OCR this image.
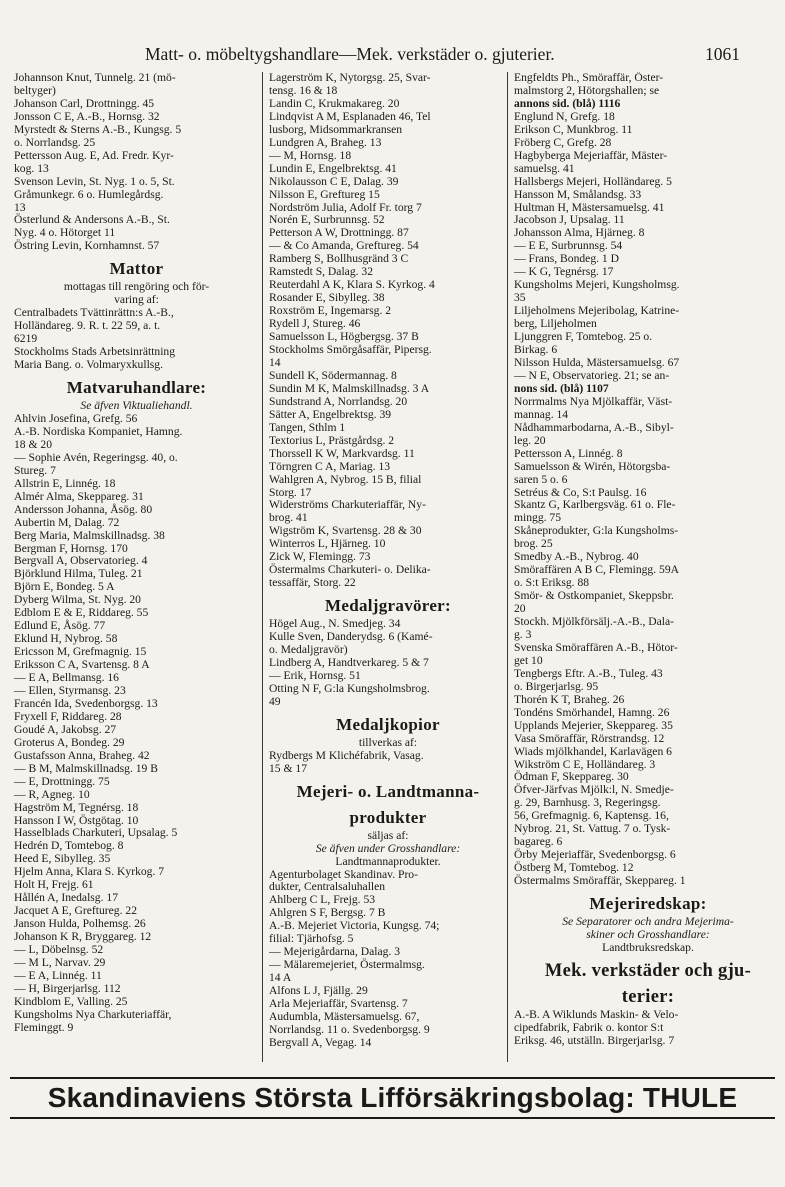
Matt- o. möbeltygshandlare—Mek. verkstäder o. gjuterier.	1061
Johannson Knut, Tunnelg. 21 (mö-
beltyger)
Johanson Carl, Drottningg. 45
Jonsson C E, A.-B., Hornsg. 32
Myrstedt & Sterns A.-B., Kungsg. 5
o. Norrlandsg. 25
Pettersson Aug. E, Ad. Fredr. Kyr-
kog. 13
Svenson Levin, St. Nyg. 1 o. 5, St.
Gråmunkegr. 6 o. Humlegårdsg.
13
Österlund & Andersons A.-B., St.
Nyg. 4 o. Hötorget 11
Östring Levin, Kornhamnst. 57
Mattor
mottagas till rengöring och för-
varing af:
Centralbadets Tvättinrättn:s A.-B.,
Holländareg. 9. R. t. 22 59, a. t.
6219
Stockholms Stads Arbetsinrättning
Maria Bang. o. Volmaryxkullsg.
Matvaruhandlare:
Se äfven Viktualiehandl.
Ahlvin Josefina, Grefg. 56
A.-B. Nordiska Kompaniet, Hamng.
18 & 20
— Sophie Avén, Regeringsg. 40, o.
Stureg. 7
Allstrin E, Linnég. 18
Almér Alma, Skeppareg. 31
Andersson Johanna, Åsög. 80
Aubertin M, Dalag. 72
Berg Maria, Malmskillnadsg. 38
Bergman F, Hornsg. 170
Bergvall A, Observatorieg. 4
Björklund Hilma, Tuleg. 21
Björn E, Bondeg. 5 A
Dyberg Wilma, St. Nyg. 20
Edblom E & E, Riddareg. 55
Edlund E, Åsög. 77
Eklund H, Nybrog. 58
Ericsson M, Grefmagnig. 15
Eriksson C A, Svartensg. 8 A
— E A, Bellmansg. 16
— Ellen, Styrmansg. 23
Francén Ida, Svedenborgsg. 13
Fryxell F, Riddareg. 28
Goudé A, Jakobsg. 27
Groterus A, Bondeg. 29
Gustafsson Anna, Braheg. 42
— B M, Malmskillnadsg. 19 B
— E, Drottningg. 75
— R, Agneg. 10
Hagström M, Tegnérsg. 18
Hansson I W, Östgötag. 10
Hasselblads Charkuteri, Upsalag. 5
Hedrén D, Tomtebog. 8
Heed E, Sibylleg. 35
Hjelm Anna, Klara S. Kyrkog. 7
Holt H, Frejg. 61
Hållén A, Inedalsg. 17
Jacquet A E, Greftureg. 22
Janson Hulda, Polhemsg. 26
Johanson K R, Bryggareg. 12
— L, Döbelnsg. 52
— M L, Narvav. 29
— E A, Linnég. 11
— H, Birgerjarlsg. 112
Kindblom E, Valling. 25
Kungsholms Nya Charkuteriaffär,
Fleminggt. 9
Lagerström K, Nytorgsg. 25, Svar-
tensg. 16 & 18
Landin C, Krukmakareg. 20
Lindqvist A M, Esplanaden 46, Tel
lusborg, Midsommarkransen
Lundgren A, Braheg. 13
— M, Hornsg. 18
Lundin E, Engelbrektsg. 41
Nikolausson C E, Dalag. 39
Nilsson E, Greftureg 15
Nordström Julia, Adolf Fr. torg 7
Norén E, Surbrunnsg. 52
Petterson A W, Drottningg. 87
— & Co Amanda, Greftureg. 54
Ramberg S, Bollhusgränd 3 C
Ramstedt S, Dalag. 32
Reuterdahl A K, Klara S. Kyrkog. 4
Rosander E, Sibylleg. 38
Roxström E, Ingemarsg. 2
Rydell J, Stureg. 46
Samuelsson L, Högbergsg. 37 B
Stockholms Smörgåsaffär, Pipersg.
14
Sundell K, Södermannag. 8
Sundin M K, Malmskillnadsg. 3 A
Sundstrand A, Norrlandsg. 20
Sätter A, Engelbrektsg. 39
Tangen, Sthlm 1
Textorius L, Prästgårdsg. 2
Thorssell K W, Markvardsg. 11
Törngren C A, Mariag. 13
Wahlgren A, Nybrog. 15 B, filial
Storg. 17
Widerströms Charkuteriaffär, Ny-
brog. 41
Wigström K, Svartensg. 28 & 30
Winterros L, Hjärneg. 10
Zick W, Flemingg. 73
Östermalms Charkuteri- o. Delika-
tessaffär, Storg. 22
Medaljgravörer:
Högel Aug., N. Smedjeg. 34
Kulle Sven, Danderydsg. 6 (Kamé-
o. Medaljgravör)
Lindberg A, Handtverkareg. 5 & 7
— Erik, Hornsg. 51
Otting N F, G:la Kungsholmsbrog.
49
Medaljkopior
tillverkas af:
Rydbergs M Klichéfabrik, Vasag.
15 & 17
Mejeri- o. Landtmanna-
produkter
säljas af:
Se äfven under Grosshandlare:
Landtmannaprodukter.
Agenturbolaget Skandinav. Pro-
dukter, Centralsaluhallen
Ahlberg C L, Frejg. 53
Ahlgren S F, Bergsg. 7 B
A.-B. Mejeriet Victoria, Kungsg. 74;
filial: Tjärhofsg. 5
— Mejerigårdarna, Dalag. 3
— Mälaremejeriet, Östermalmsg.
14 A
Alfons L J, Fjällg. 29
Arla Mejeriaffär, Svartensg. 7
Audumbla, Mästersamuelsg. 67,
Norrlandsg. 11 o. Svedenborgsg. 9
Bergvall A, Vegag. 14
Engfeldts Ph., Smöraffär, Öster-
malmstorg 2, Hötorgshallen; se
annons sid. (blå) 1116
Englund N, Grefg. 18
Erikson C, Munkbrog. 11
Fröberg C, Grefg. 28
Hagbyberga Mejeriaffär, Mäster-
samuelsg. 41
Hallsbergs Mejeri, Holländareg. 5
Hansson M, Smålandsg. 33
Hultman H, Mästersamuelsg. 41
Jacobson J, Upsalag. 11
Johansson Alma, Hjärneg. 8
— E E, Surbrunnsg. 54
— Frans, Bondeg. 1 D
— K G, Tegnérsg. 17
Kungsholms Mejeri, Kungsholmsg.
35
Liljeholmens Mejeribolag, Katrine-
berg, Liljeholmen
Ljunggren F, Tomtebog. 25 o.
Birkag. 6
Nilsson Hulda, Mästersamuelsg. 67
— N E, Observatorieg. 21; se an-
nons sid. (blå) 1107
Norrmalms Nya Mjölkaffär, Väst-
mannag. 14
Nådhammarbodarna, A.-B., Sibyl-
leg. 20
Pettersson A, Linnég. 8
Samuelsson & Wirén, Hötorgsba-
saren 5 o. 6
Setréus & Co, S:t Paulsg. 16
Skantz G, Karlbergsväg. 61 o. Fle-
mingg. 75
Skåneprodukter, G:la Kungsholms-
brog. 25
Smedby A.-B., Nybrog. 40
Smöraffären A B C, Flemingg. 59A
o. S:t Eriksg. 88
Smör- & Ostkompaniet, Skeppsbr.
20
Stockh. Mjölkförsälj.-A.-B., Dala-
g. 3
Svenska Smöraffären A.-B., Hötor-
get 10
Tengbergs Eftr. A.-B., Tuleg. 43
o. Birgerjarlsg. 95
Thorén K T, Braheg. 26
Tondéns Smörhandel, Hamng. 26
Upplands Mejerier, Skeppareg. 35
Vasa Smöraffär, Rörstrandsg. 12
Wiads mjölkhandel, Karlavägen 6
Wikström C E, Holländareg. 3
Ödman F, Skeppareg. 30
Öfver-Järfvas Mjölk:l, N. Smedje-
g. 29, Barnhusg. 3, Regeringsg.
56, Grefmagnig. 6, Kaptensg. 16,
Nybrog. 21, St. Vattug. 7 o. Tysk-
bagareg. 6
Örby Mejeriaffär, Svedenborgsg. 6
Östberg M, Tomtebog. 12
Östermalms Smöraffär, Skeppareg. 1
Mejeriredskap:
Se Separatorer och andra Mejerima-
skiner och Grosshandlare:
Landtbruksredskap.
Mek. verkstäder och gju-
terier:
A.-B. A Wiklunds Maskin- & Velo-
cipedfabrik, Fabrik o. kontor S:t
Eriksg. 46, utställn. Birgerjarlsg. 7
Skandinaviens Största Lifförsäkringsbolag: THULE
